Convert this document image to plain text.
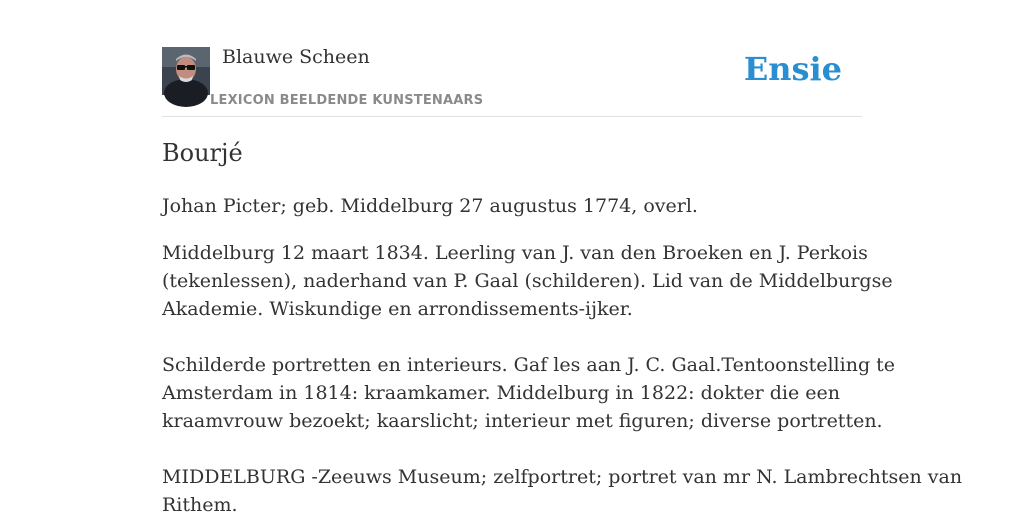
Blauwe Scheen
LEXICON BEELDENDE KUNSTENAARS
Ensie
Bourjé

Johan Picter; geb. Middelburg 27 augustus 1774, overl.

Middelburg 12 maart 1834. Leerling van J. van den Broeken en J. Perkois
(tekenlessen), naderhand van P. Gaal (schilderen). Lid van de Middelburgse
Akademie. Wiskundige en arrondissements-ijker.
Schilderde portretten en interieurs. Gaf les aan J. C. Gaal.Tentoonstelling te
Amsterdam in 1814: kraamkamer. Middelburg in 1822: dokter die een
kraamvrouw bezoekt; kaarslicht; interieur met figuren; diverse portretten.
MIDDELBURG -Zeeuws Museum; zelfportret; portret van mr N. Lambrechtsen van
Rithem.
